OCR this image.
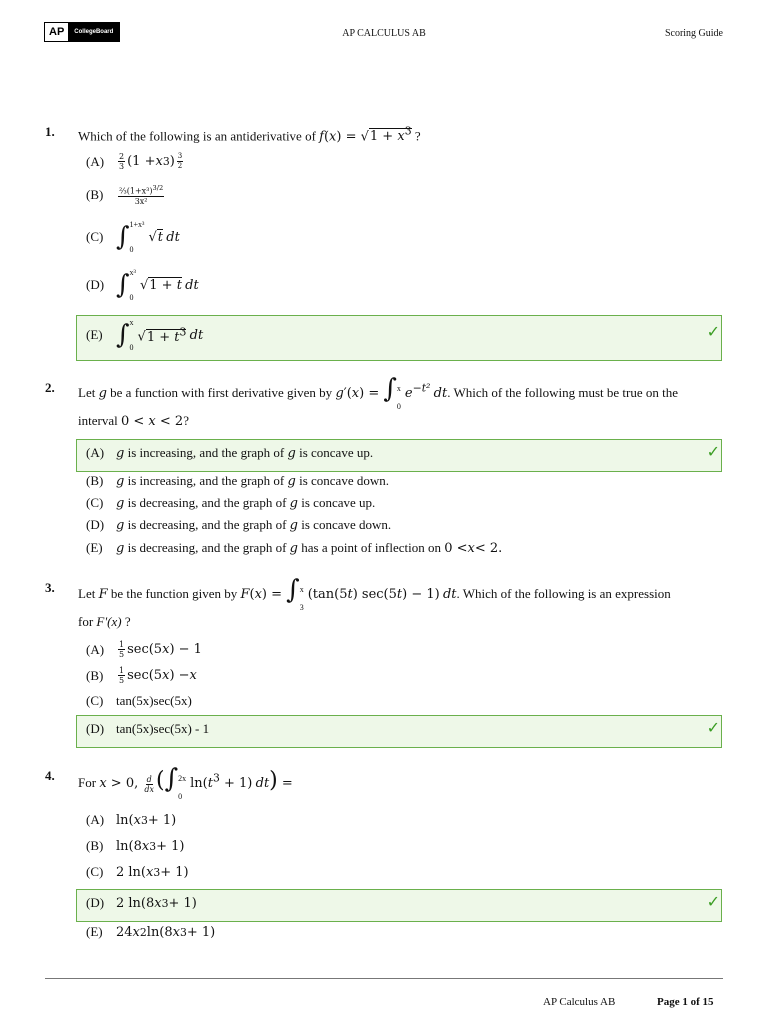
AP	CollegeBoard	AP CALCULUS AB	Scoring Guide
1. Which of the following is an antiderivative of $f(x) = √1 + x^3$ ?
(A)	$\frac{2}{3} (1 + x$ 3 ) $\frac{3}{2}$
(B)	$\frac{\frac{2}{3}(1+x^3)^{3/2}}{\text{3x²}}$
(C) ∫ 1+x³
0
√t
dt
(D) ∫ x³
0
√1 + t
dt
✓
(E) ∫ x
0
$√1 + t^3$
dt
2. Let g be a function with first derivative given by g′(x) = ∫ x
0
$e^{-t^2}$ dt. Which of the following must be true on the
interval 0 < x < 2?
✓
(A) g
is increasing, and the graph of
g
is concave up.
(B) g
is increasing, and the graph of
g
is concave down.
(C) g
is decreasing, and the graph of
g
is concave up.
(D) g
is decreasing, and the graph of
g
is concave down.
(E)	g
is decreasing, and the graph of
g
has a point of inflection on
0 < x < 2.
3. Let F be the function given by F(x) = ∫ x
3
(tan(5t) sec(5t) − 1) dt. Which of the following is an expression
for F'(x) ?
(A)	$\frac{1}{5} \sec(5$ x ) − 1
(B)	$\frac{1}{5} \sec(5$ x ) − x
(C) tan(5x)sec(5x)
✓
(D) tan(5x)sec(5x) - 1
4. For x > 0, $\frac{d}{dx}$ (∫ 2x
0
$\ln(t^3 + 1) dt$) =
(A) ln( x 3 + 1)
(B) ln(8 x 3 + 1)
(C) 2 ln( x 3 + 1)
✓
(D) 2 ln(8 x 3 + 1)
(E)	24 x 2 ln(8 x 3 + 1)
AP Calculus AB	Page 1 of 15
